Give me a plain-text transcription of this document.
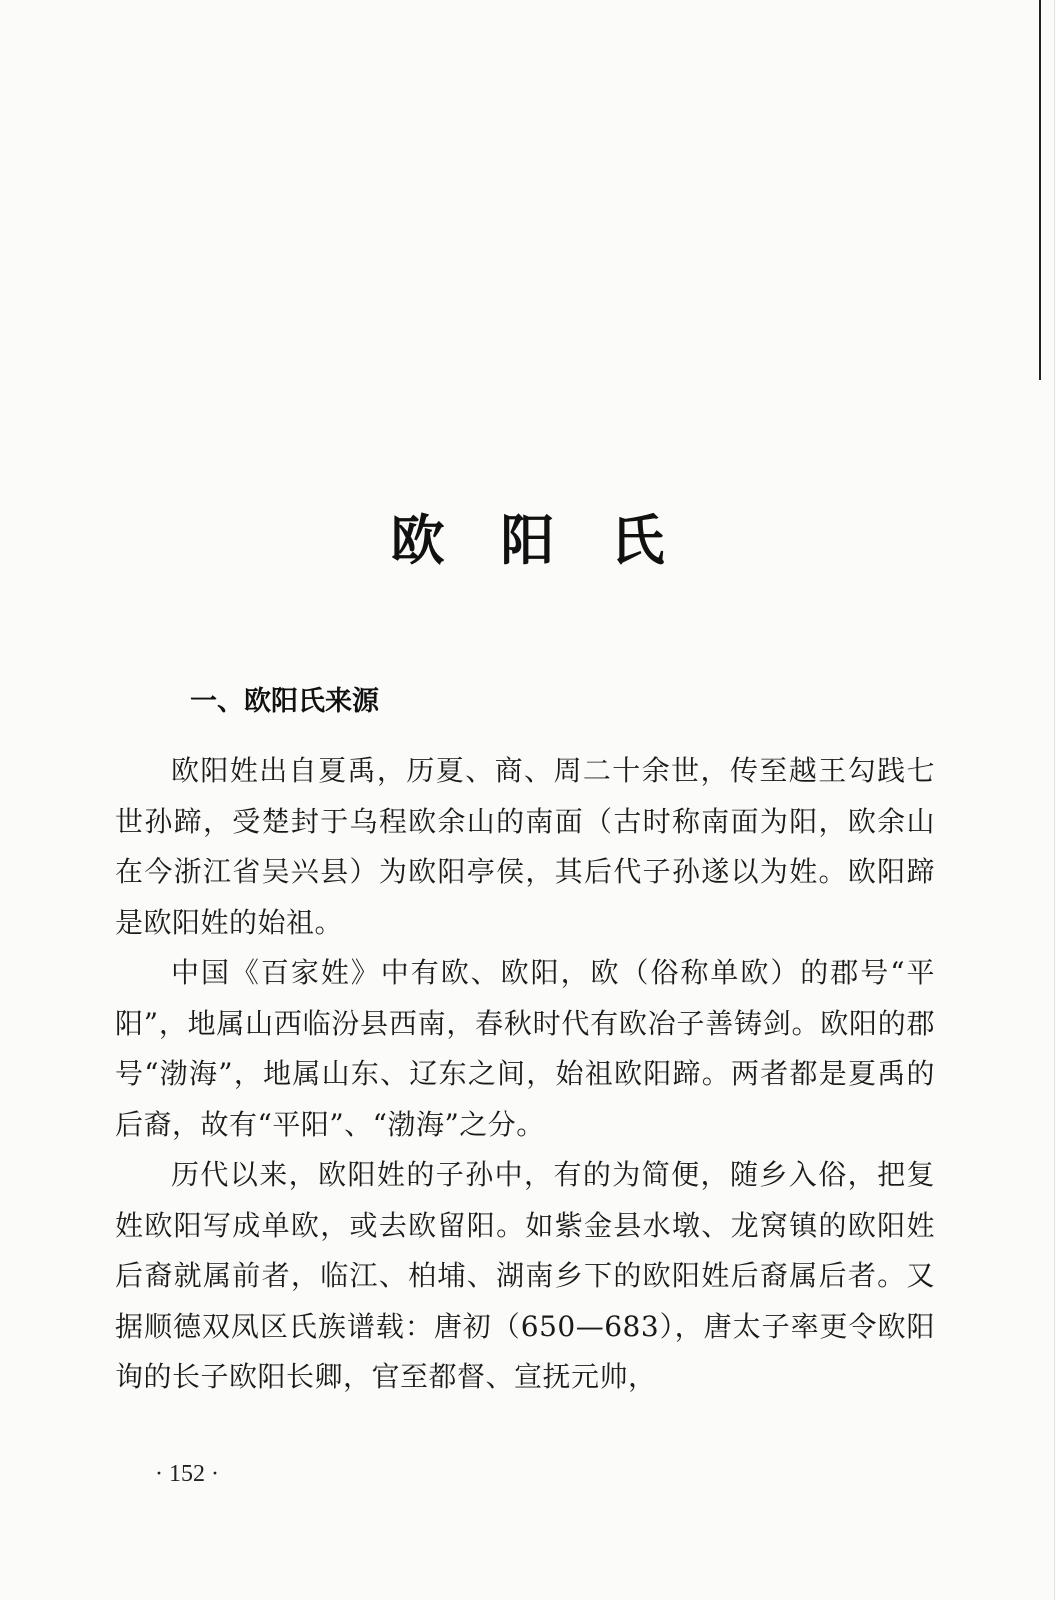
欧阳氏
一、欧阳氏来源

欧阳姓出自夏禹，历夏、商、周二十余世，传至越王勾践七世孙蹄，受楚封于乌程欧余山的南面（古时称南面为阳，欧余山在今浙江省吴兴县）为欧阳亭侯，其后代子孙遂以为姓。欧阳蹄是欧阳姓的始祖。

中国《百家姓》中有欧、欧阳，欧（俗称单欧）的郡号“平阳”，地属山西临汾县西南，春秋时代有欧冶子善铸剑。欧阳的郡号“渤海”，地属山东、辽东之间，始祖欧阳蹄。两者都是夏禹的后裔，故有“平阳”、“渤海”之分。

历代以来，欧阳姓的子孙中，有的为简便，随乡入俗，把复姓欧阳写成单欧，或去欧留阳。如紫金县水墩、龙窝镇的欧阳姓后裔就属前者，临江、柏埔、湖南乡下的欧阳姓后裔属后者。又据顺德双凤区氏族谱载：唐初（650—683），唐太子率更令欧阳询的长子欧阳长卿，官至都督、宣抚元帅，

· 152 ·
